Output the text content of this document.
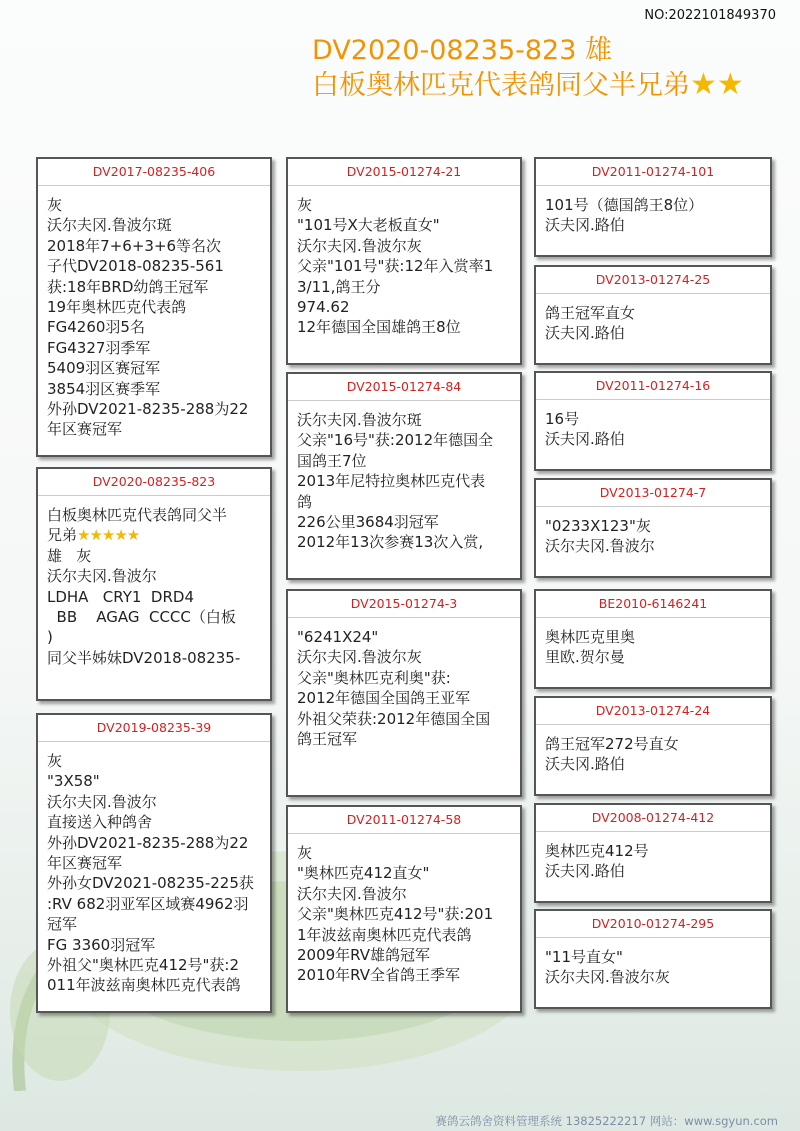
NO:2022101849370
DV2020-08235-823 雄
白板奥林匹克代表鸽同父半兄弟★★
DV2017-08235-406
灰
沃尔夫冈.鲁波尔斑
2018年7+6+3+6等名次
子代DV2018-08235-561
获:18年BRD幼鸽王冠军
19年奥林匹克代表鸽
FG4260羽5名
FG4327羽季军
5409羽区赛冠军
3854羽区赛季军
外孙DV2021-8235-288为22
年区赛冠军
DV2020-08235-823
白板奥林匹克代表鸽同父半
兄弟★★★★★
雄   灰
沃尔夫冈.鲁波尔
LDHA   CRY1  DRD4
BB    AGAG  CCCC（白板
)
同父半姊妹DV2018-08235-
DV2019-08235-39
灰
"3X58"
沃尔夫冈.鲁波尔
直接送入种鸽舍
外孙DV2021-8235-288为22
年区赛冠军
外孙女DV2021-08235-225获
:RV 682羽亚军区域赛4962羽
冠军
FG 3360羽冠军
外祖父"奥林匹克412号"获:2
011年波兹南奥林匹克代表鸽
DV2015-01274-21
灰
"101号X大老板直女"
沃尔夫冈.鲁波尔灰
父亲"101号"获:12年入赏率1
3/11,鸽王分
974.62
12年德国全国雄鸽王8位
DV2015-01274-84
沃尔夫冈.鲁波尔斑
父亲"16号"获:2012年德国全
国鸽王7位
2013年尼特拉奥林匹克代表
鸽
226公里3684羽冠军
2012年13次参赛13次入赏,
DV2015-01274-3
"6241X24"
沃尔夫冈.鲁波尔灰
父亲"奥林匹克利奥"获:
2012年德国全国鸽王亚军
外祖父荣获:2012年德国全国
鸽王冠军
DV2011-01274-58
灰
"奥林匹克412直女"
沃尔夫冈.鲁波尔
父亲"奥林匹克412号"获:201
1年波兹南奥林匹克代表鸽
2009年RV雄鸽冠军
2010年RV全省鸽王季军
DV2011-01274-101
101号（德国鸽王8位）
沃夫冈.路伯
DV2013-01274-25
鸽王冠军直女
沃夫冈.路伯
DV2011-01274-16
16号
沃夫冈.路伯
DV2013-01274-7
"0233X123"灰
沃尔夫冈.鲁波尔
BE2010-6146241
奥林匹克里奥
里欧.贺尔曼
DV2013-01274-24
鸽王冠军272号直女
沃夫冈.路伯
DV2008-01274-412
奥林匹克412号
沃夫冈.路伯
DV2010-01274-295
"11号直女"
沃尔夫冈.鲁波尔灰
赛鸽云鸽舍资料管理系统 13825222217 网站：www.sgyun.com
